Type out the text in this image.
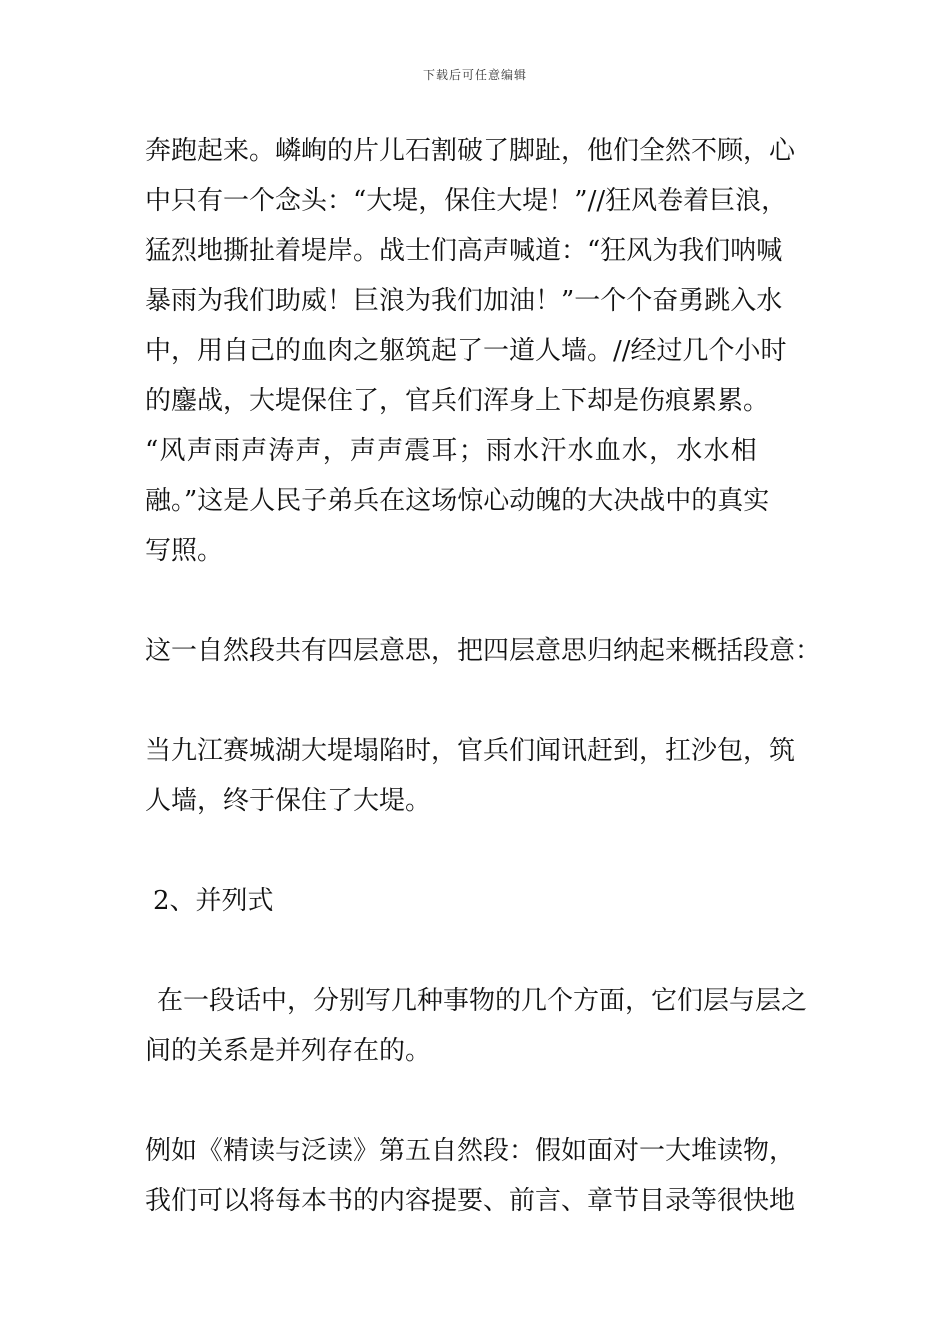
下载后可任意编辑
奔跑起来。嶙峋的片儿石割破了脚趾，他们全然不顾，心
中只有一个念头：“大堤，保住大堤！”//狂风卷着巨浪，
猛烈地撕扯着堤岸。战士们高声喊道：“狂风为我们呐喊
暴雨为我们助威！巨浪为我们加油！”一个个奋勇跳入水
中，用自己的血肉之躯筑起了一道人墙。//经过几个小时
的鏖战，大堤保住了，官兵们浑身上下却是伤痕累累。
“风声雨声涛声，声声震耳；雨水汗水血水，水水相
融。”这是人民子弟兵在这场惊心动魄的大决战中的真实
写照。
这一自然段共有四层意思，把四层意思归纳起来概括段意：
当九江赛城湖大堤塌陷时，官兵们闻讯赶到，扛沙包，筑
人墙，终于保住了大堤。
2、并列式
在一段话中，分别写几种事物的几个方面，它们层与层之
间的关系是并列存在的。
例如《精读与泛读》第五自然段：假如面对一大堆读物，
我们可以将每本书的内容提要、前言、章节目录等很快地
